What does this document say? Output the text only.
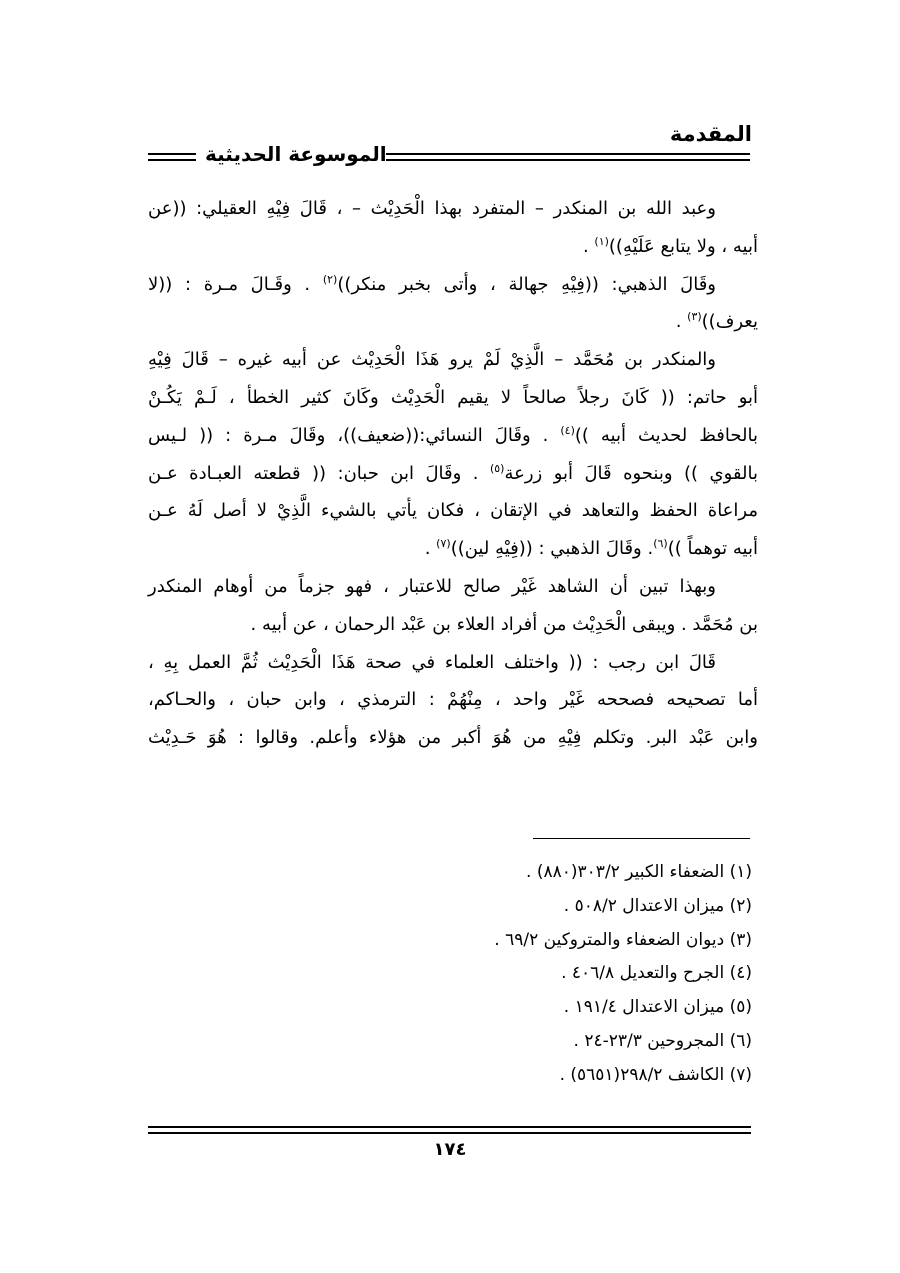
المقدمة
الموسوعة الحديثية
وعبد الله بن المنكدر – المتفرد بهذا الْحَدِيْث – ، قَالَ فِيْهِ العقيلي: ((عن
أبيه ، ولا يتابع عَلَيْهِ))$^{(١)}$ .
وقَالَ الذهبي: ((فِيْهِ جهالة ، وأتى بخبر منكر))$^{(٢)}$ . وقَـالَ مـرة : ((لا
يعرف))$^{(٣)}$ .
والمنكدر بن مُحَمَّد – الَّذِيْ لَمْ يرو هَذَا الْحَدِيْث عن أبيه غيره – قَالَ فِيْهِ
أبو حاتم: (( كَانَ رجلاً صالحاً لا يقيم الْحَدِيْث وكَانَ كثير الخطأ ، لَـمْ يَكُـنْ
بالحافظ لحديث أبيه ))$^{(٤)}$ . وقَالَ النسائي:((ضعيف))، وقَالَ مـرة : (( لـيس
بالقوي )) وبنحوه قَالَ أبو زرعة$^{(٥)}$ . وقَالَ ابن حبان: (( قطعته العبـادة عـن
مراعاة الحفظ والتعاهد في الإتقان ، فكان يأتي بالشيء الَّذِيْ لا أصل لَهُ عـن
أبيه توهماً ))$^{(٦)}$. وقَالَ الذهبي : ((فِيْهِ لين))$^{(٧)}$ .
وبهذا تبين أن الشاهد غَيْر صالح للاعتبار ، فهو جزماً من أوهام المنكدر
بن مُحَمَّد . ويبقى الْحَدِيْث من أفراد العلاء بن عَبْد الرحمان ، عن أبيه .
قَالَ ابن رجب : (( واختلف العلماء في صحة هَذَا الْحَدِيْث ثُمَّ العمل بِهِ ،
أما تصحيحه فصححه غَيْر واحد ، مِنْهُمْ : الترمذي ، وابن حبان ، والحـاكم،
وابن عَبْد البر. وتكلم فِيْهِ من هُوَ أكبر من هؤلاء وأعلم. وقالوا : هُوَ حَـدِيْث
(١) الضعفاء الكبير ٣٠٣/٢(٨٨٠) .
(٢) ميزان الاعتدال ٥٠٨/٢ .
(٣) ديوان الضعفاء والمتروكين ٦٩/٢ .
(٤) الجرح والتعديل ٤٠٦/٨ .
(٥) ميزان الاعتدال ١٩١/٤ .
(٦) المجروحين ٢٣/٣-٢٤ .
(٧) الكاشف ٢٩٨/٢(٥٦٥١) .
١٧٤
